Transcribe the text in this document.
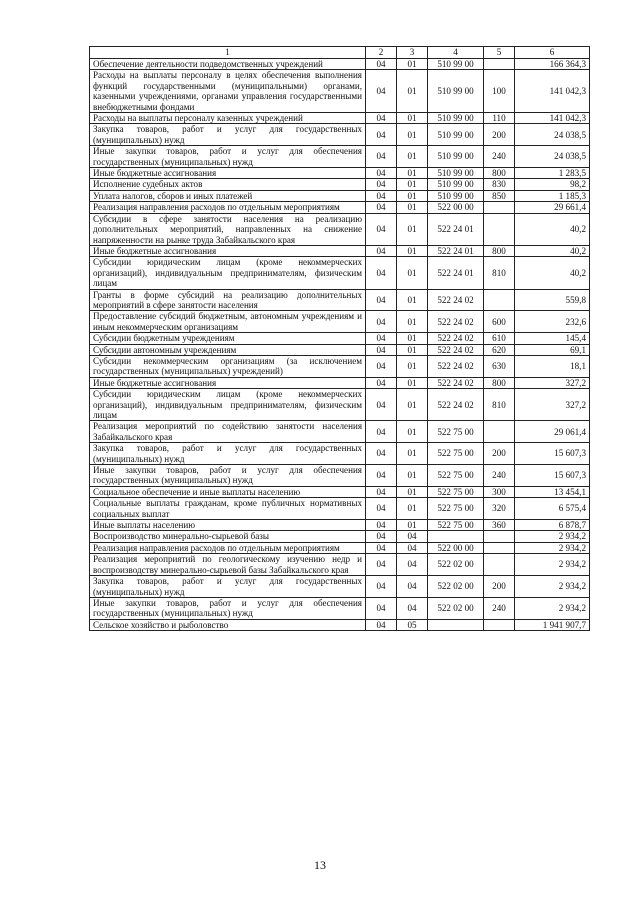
1	2	3	4	5	6
Обеспечение деятельности подведомственных учреждений	04	01	510 99 00		166 364,3
Расходы на выплаты персоналу в целях обеспечения выполнения функций государственными (муниципальными) органами, казенными учреждениями, органами управления государственными внебюджетными фондами	04	01	510 99 00	100	141 042,3
Расходы на выплаты персоналу казенных учреждений	04	01	510 99 00	110	141 042,3
Закупка товаров, работ и услуг для государственных (муниципальных) нужд	04	01	510 99 00	200	24 038,5
Иные закупки товаров, работ и услуг для обеспечения государственных (муниципальных) нужд	04	01	510 99 00	240	24 038,5
Иные бюджетные ассигнования	04	01	510 99 00	800	1 283,5
Исполнение судебных актов	04	01	510 99 00	830	98,2
Уплата налогов, сборов и иных платежей	04	01	510 99 00	850	1 185,3
Реализация направления расходов по отдельным мероприятиям	04	01	522 00 00		29 661,4
Субсидии в сфере занятости населения на реализацию дополнительных мероприятий, направленных на снижение напряженности на рынке труда Забайкальского края	04	01	522 24 01		40,2
Иные бюджетные ассигнования	04	01	522 24 01	800	40,2
Субсидии юридическим лицам (кроме некоммерческих организаций), индивидуальным предпринимателям, физическим лицам	04	01	522 24 01	810	40,2
Гранты в форме субсидий на реализацию дополнительных мероприятий в сфере занятости населения	04	01	522 24 02		559,8
Предоставление субсидий бюджетным, автономным учреждениям и иным некоммерческим организациям	04	01	522 24 02	600	232,6
Субсидии бюджетным учреждениям	04	01	522 24 02	610	145,4
Субсидии автономным учреждениям	04	01	522 24 02	620	69,1
Субсидии некоммерческим организациям (за исключением государственных (муниципальных) учреждений)	04	01	522 24 02	630	18,1
Иные бюджетные ассигнования	04	01	522 24 02	800	327,2
Субсидии юридическим лицам (кроме некоммерческих организаций), индивидуальным предпринимателям, физическим лицам	04	01	522 24 02	810	327,2
Реализация мероприятий по содействию занятости населения Забайкальского края	04	01	522 75 00		29 061,4
Закупка товаров, работ и услуг для государственных (муниципальных) нужд	04	01	522 75 00	200	15 607,3
Иные закупки товаров, работ и услуг для обеспечения государственных (муниципальных) нужд	04	01	522 75 00	240	15 607,3
Социальное обеспечение и иные выплаты населению	04	01	522 75 00	300	13 454,1
Социальные выплаты гражданам, кроме публичных нормативных социальных выплат	04	01	522 75 00	320	6 575,4
Иные выплаты населению	04	01	522 75 00	360	6 878,7
Воспроизводство минерально-сырьевой базы	04	04			2 934,2
Реализация направления расходов по отдельным мероприятиям	04	04	522 00 00		2 934,2
Реализация мероприятий по геологическому изучению недр и воспроизводству минерально-сырьевой базы Забайкальского края	04	04	522 02 00		2 934,2
Закупка товаров, работ и услуг для государственных (муниципальных) нужд	04	04	522 02 00	200	2 934,2
Иные закупки товаров, работ и услуг для обеспечения государственных (муниципальных) нужд	04	04	522 02 00	240	2 934,2
Сельское хозяйство и рыболовство	04	05			1 941 907,7
13
